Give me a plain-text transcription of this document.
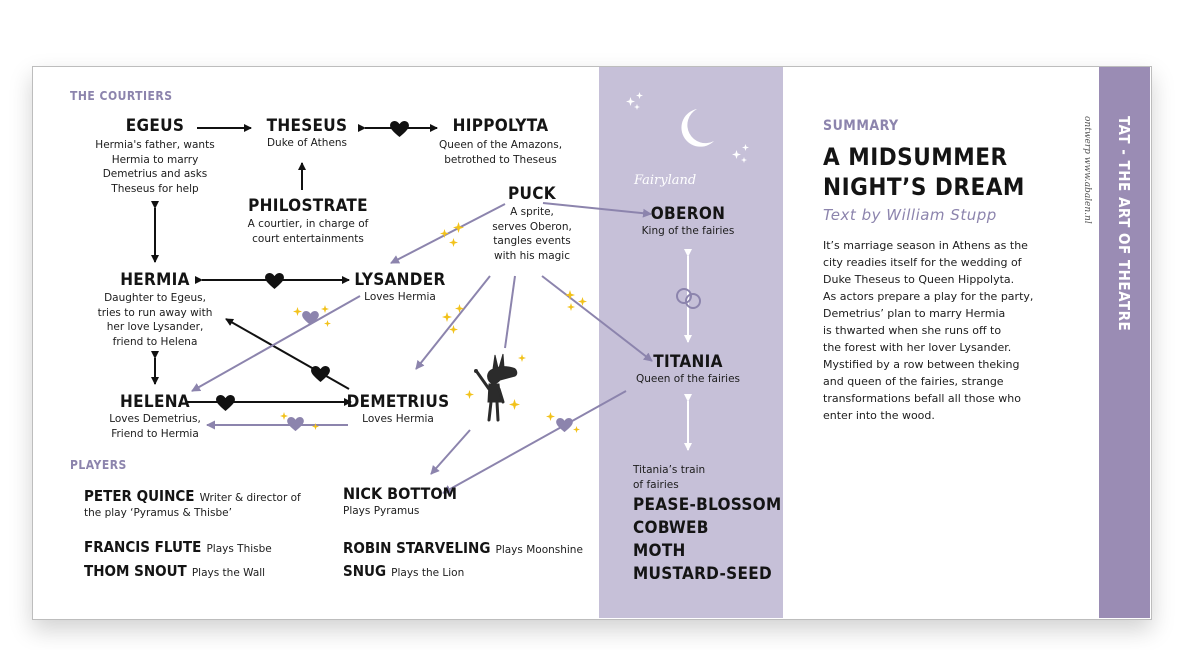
THE COURTIERS
PLAYERS
EGEUS
Hermia's father, wants
Hermia to marry
Demetrius and asks
Theseus for help
THESEUS
Duke of Athens
HIPPOLYTA
Queen of the Amazons,
betrothed to Theseus
PHILOSTRATE
A courtier, in charge of
court entertainments
PUCK
A sprite,
serves Oberon,
tangles events
with his magic
HERMIA
Daughter to Egeus,
tries to run away with
her love Lysander,
friend to Helena
LYSANDER
Loves Hermia
HELENA
Loves Demetrius,
Friend to Hermia
DEMETRIUS
Loves Hermia
OBERON
King of the fairies
TITANIA
Queen of the fairies
NICK BOTTOM
Plays Pyramus
PETER QUINCE Writer & director of
the play ‘Pyramus & Thisbe’
FRANCIS FLUTE Plays Thisbe
THOM SNOUT Plays the Wall
ROBIN STARVELING Plays Moonshine
SNUG Plays the Lion
Fairyland
Titania’s train
of fairies
PEASE-BLOSSOM
COBWEB
MOTH
MUSTARD-SEED
SUMMARY
A MIDSUMMER
NIGHT’S DREAM
Text by William Stupp
It’s marriage season in Athens as the
city readies itself for the wedding of
Duke Theseus to Queen Hippolyta.
As actors prepare a play for the party,
Demetrius’ plan to marry Hermia
is thwarted when she runs off to
the forest with her lover Lysander.
Mystified by a row between theking
and queen of the fairies, strange
transformations befall all those who
enter into the wood.
ontwerp www.abalen.nl TAT - THE ART OF THEATRE
